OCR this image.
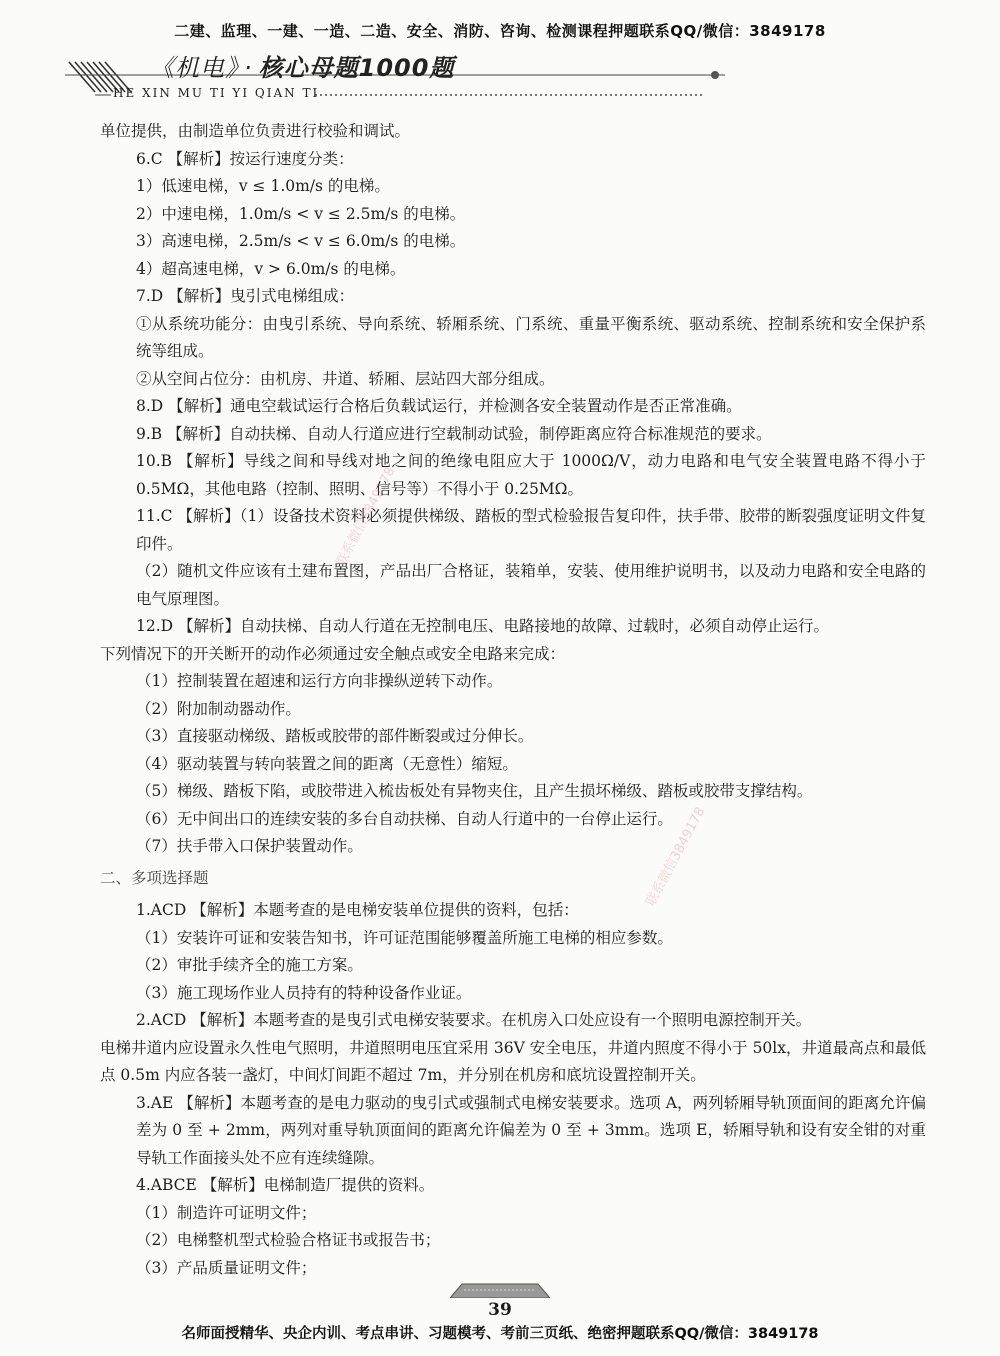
二建、监理、一建、一造、二造、安全、消防、咨询、检测课程押题联系QQ/微信：3849178
《机电》 · 核心母题1000题
HE XIN MU TI YI QIAN TI

单位提供，由制造单位负责进行校验和调试。

6.C 【解析】按运行速度分类：

1）低速电梯，v ≤ 1.0m/s 的电梯。

2）中速电梯，1.0m/s < v ≤ 2.5m/s 的电梯。

3）高速电梯，2.5m/s < v ≤ 6.0m/s 的电梯。

4）超高速电梯，v > 6.0m/s 的电梯。

7.D 【解析】曳引式电梯组成：

①从系统功能分：由曳引系统、导向系统、轿厢系统、门系统、重量平衡系统、驱动系统、控制系统和安全保护系统等组成。

②从空间占位分：由机房、井道、轿厢、层站四大部分组成。

8.D 【解析】通电空载试运行合格后负载试运行，并检测各安全装置动作是否正常准确。

9.B 【解析】自动扶梯、自动人行道应进行空载制动试验，制停距离应符合标准规范的要求。

10.B 【解析】导线之间和导线对地之间的绝缘电阻应大于 1000Ω/V，动力电路和电气安全装置电路不得小于 0.5MΩ，其他电路（控制、照明、信号等）不得小于 0.25MΩ。

11.C 【解析】（1）设备技术资料必须提供梯级、踏板的型式检验报告复印件，扶手带、胶带的断裂强度证明文件复印件。

（2）随机文件应该有土建布置图，产品出厂合格证，装箱单，安装、使用维护说明书，以及动力电路和安全电路的电气原理图。

12.D 【解析】自动扶梯、自动人行道在无控制电压、电路接地的故障、过载时，必须自动停止运行。

下列情况下的开关断开的动作必须通过安全触点或安全电路来完成：

（1）控制装置在超速和运行方向非操纵逆转下动作。

（2）附加制动器动作。

（3）直接驱动梯级、踏板或胶带的部件断裂或过分伸长。

（4）驱动装置与转向装置之间的距离（无意性）缩短。

（5）梯级、踏板下陷，或胶带进入梳齿板处有异物夹住，且产生损坏梯级、踏板或胶带支撑结构。

（6）无中间出口的连续安装的多台自动扶梯、自动人行道中的一台停止运行。

（7）扶手带入口保护装置动作。

二、多项选择题

1.ACD 【解析】本题考查的是电梯安装单位提供的资料，包括：

（1）安装许可证和安装告知书，许可证范围能够覆盖所施工电梯的相应参数。

（2）审批手续齐全的施工方案。

（3）施工现场作业人员持有的特种设备作业证。

2.ACD 【解析】本题考查的是曳引式电梯安装要求。在机房入口处应设有一个照明电源控制开关。

电梯井道内应设置永久性电气照明，井道照明电压宜采用 36V 安全电压，井道内照度不得小于 50lx，井道最高点和最低点 0.5m 内应各装一盏灯，中间灯间距不超过 7m，并分别在机房和底坑设置控制开关。

3.AE 【解析】本题考查的是电力驱动的曳引式或强制式电梯安装要求。选项 A，两列轿厢导轨顶面间的距离允许偏差为 0 至 + 2mm，两列对重导轨顶面间的距离允许偏差为 0 至 + 3mm。选项 E，轿厢导轨和设有安全钳的对重导轨工作面接头处不应有连续缝隙。

4.ABCE 【解析】电梯制造厂提供的资料。

（1）制造许可证明文件；

（2）电梯整机型式检验合格证书或报告书；

（3）产品质量证明文件；

联系微信3849178
联系微信3849178
39
名师面授精华、央企内训、考点串讲、习题模考、考前三页纸、绝密押题联系QQ/微信：3849178
